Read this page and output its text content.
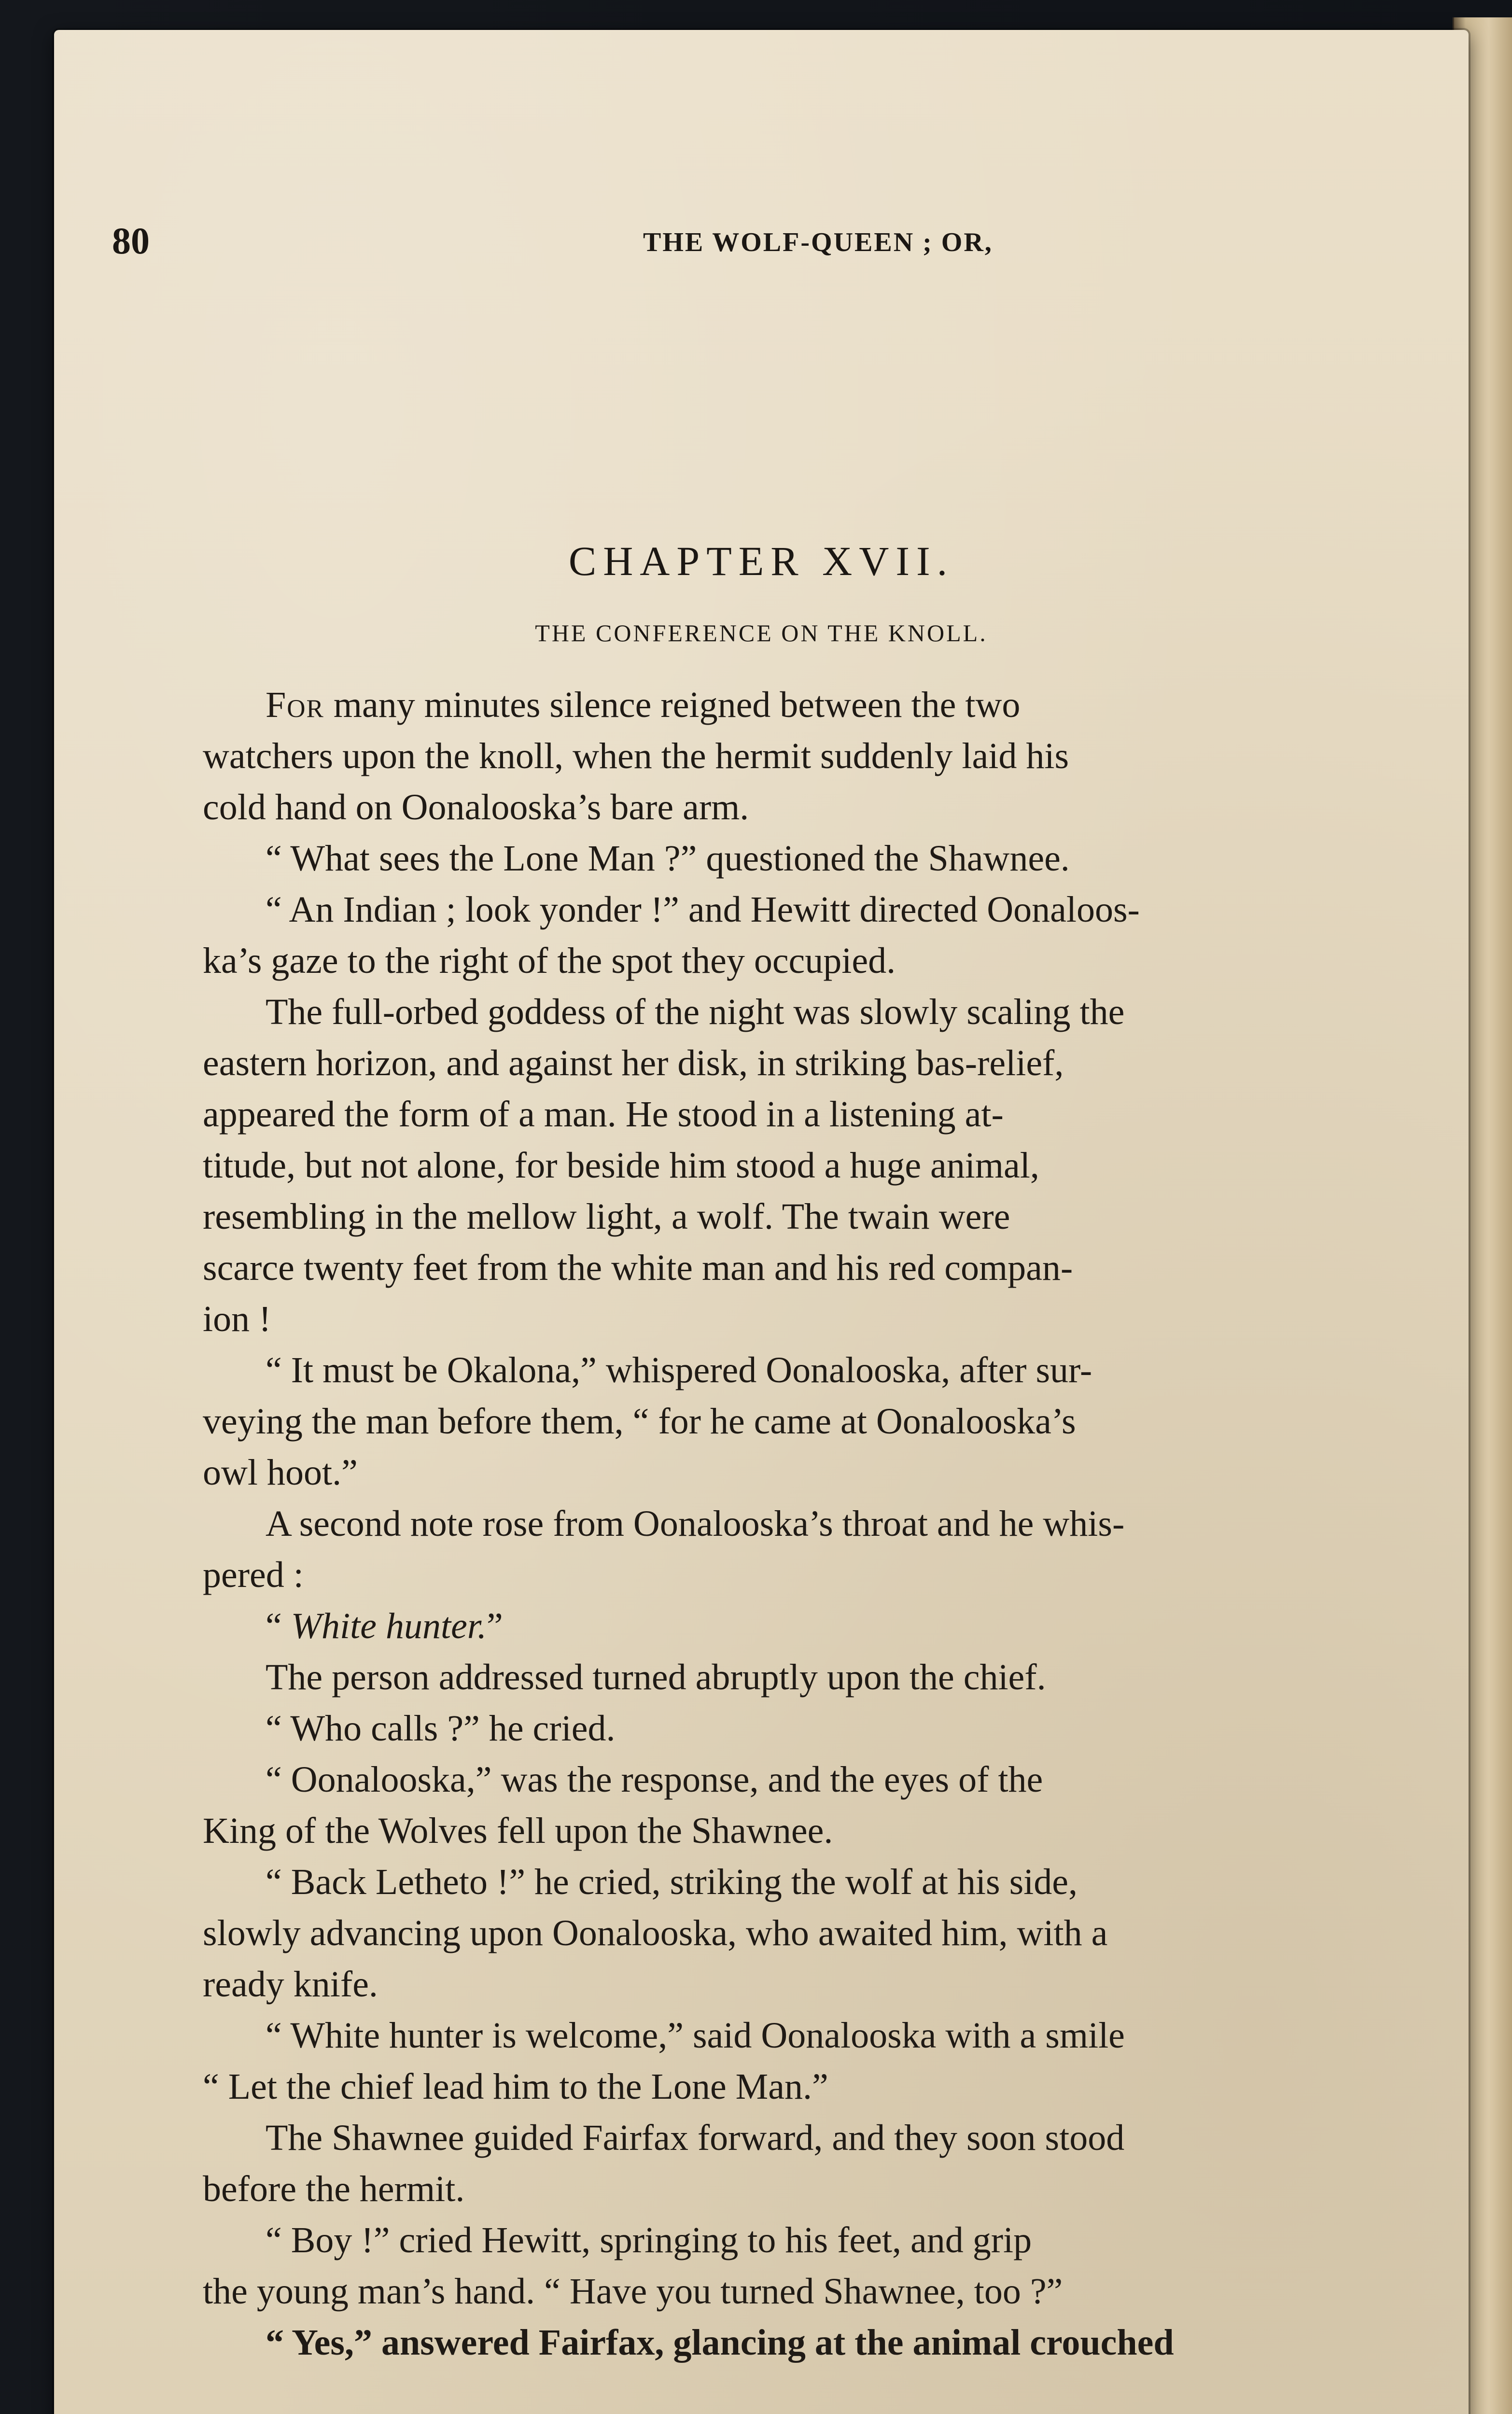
80	THE WOLF-QUEEN ; OR,
CHAPTER XVII.
THE CONFERENCE ON THE KNOLL.
For many minutes silence reigned between the two
watchers upon the knoll, when the hermit suddenly laid his
cold hand on Oonalooska’s bare arm.
“ What sees the Lone Man ?” questioned the Shawnee.
“ An Indian ; look yonder !” and Hewitt directed Oonaloos-
ka’s gaze to the right of the spot they occupied.
The full-orbed goddess of the night was slowly scaling the
eastern horizon, and against her disk, in striking bas-relief,
appeared the form of a man. He stood in a listening at-
titude, but not alone, for beside him stood a huge animal,
resembling in the mellow light, a wolf. The twain were
scarce twenty feet from the white man and his red compan-
ion !
“ It must be Okalona,” whispered Oonalooska, after sur-
veying the man before them, “ for he came at Oonalooska’s
owl hoot.”
A second note rose from Oonalooska’s throat and he whis-
pered :
“ White hunter.”
The person addressed turned abruptly upon the chief.
“ Who calls ?” he cried.
“ Oonalooska,” was the response, and the eyes of the
King of the Wolves fell upon the Shawnee.
“ Back Letheto !” he cried, striking the wolf at his side,
slowly advancing upon Oonalooska, who awaited him, with a
ready knife.
“ White hunter is welcome,” said Oonalooska with a smile
“ Let the chief lead him to the Lone Man.”
The Shawnee guided Fairfax forward, and they soon stood
before the hermit.
“ Boy !” cried Hewitt, springing to his feet, and grip
the young man’s hand. “ Have you turned Shawnee, too ?”
“ Yes,” answered Fairfax, glancing at the animal crouched
